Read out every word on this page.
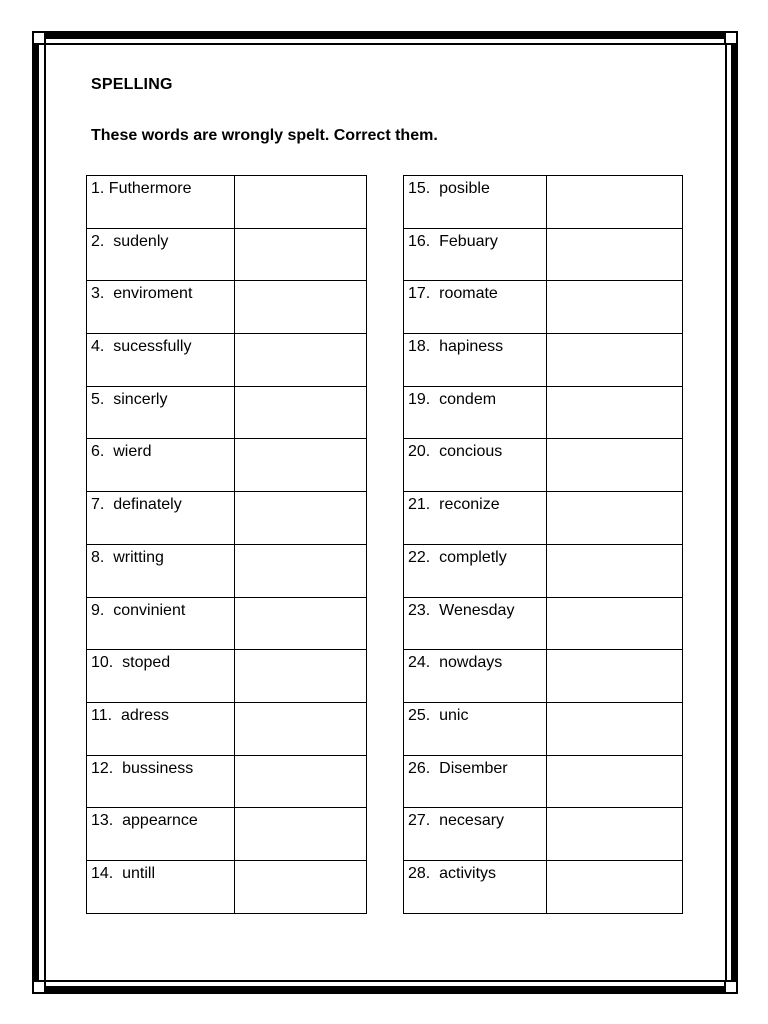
SPELLING
These words are wrongly spelt. Correct them.
1. Futhermore	

2.  sudenly	

3.  enviroment	

4.  sucessfully	

5.  sincerly	

6.  wierd	

7.  definately	

8.  writting	

9.  convinient	

10.  stoped	

11.  adress	

12.  bussiness	

13.  appearnce	

14.  untill	

15.  posible	

16.  Febuary	

17.  roomate	

18.  hapiness	

19.  condem	

20.  concious	

21.  reconize	

22.  completly	

23.  Wenesday	

24.  nowdays	

25.  unic	

26.  Disember	

27.  necesary	

28.  activitys	
